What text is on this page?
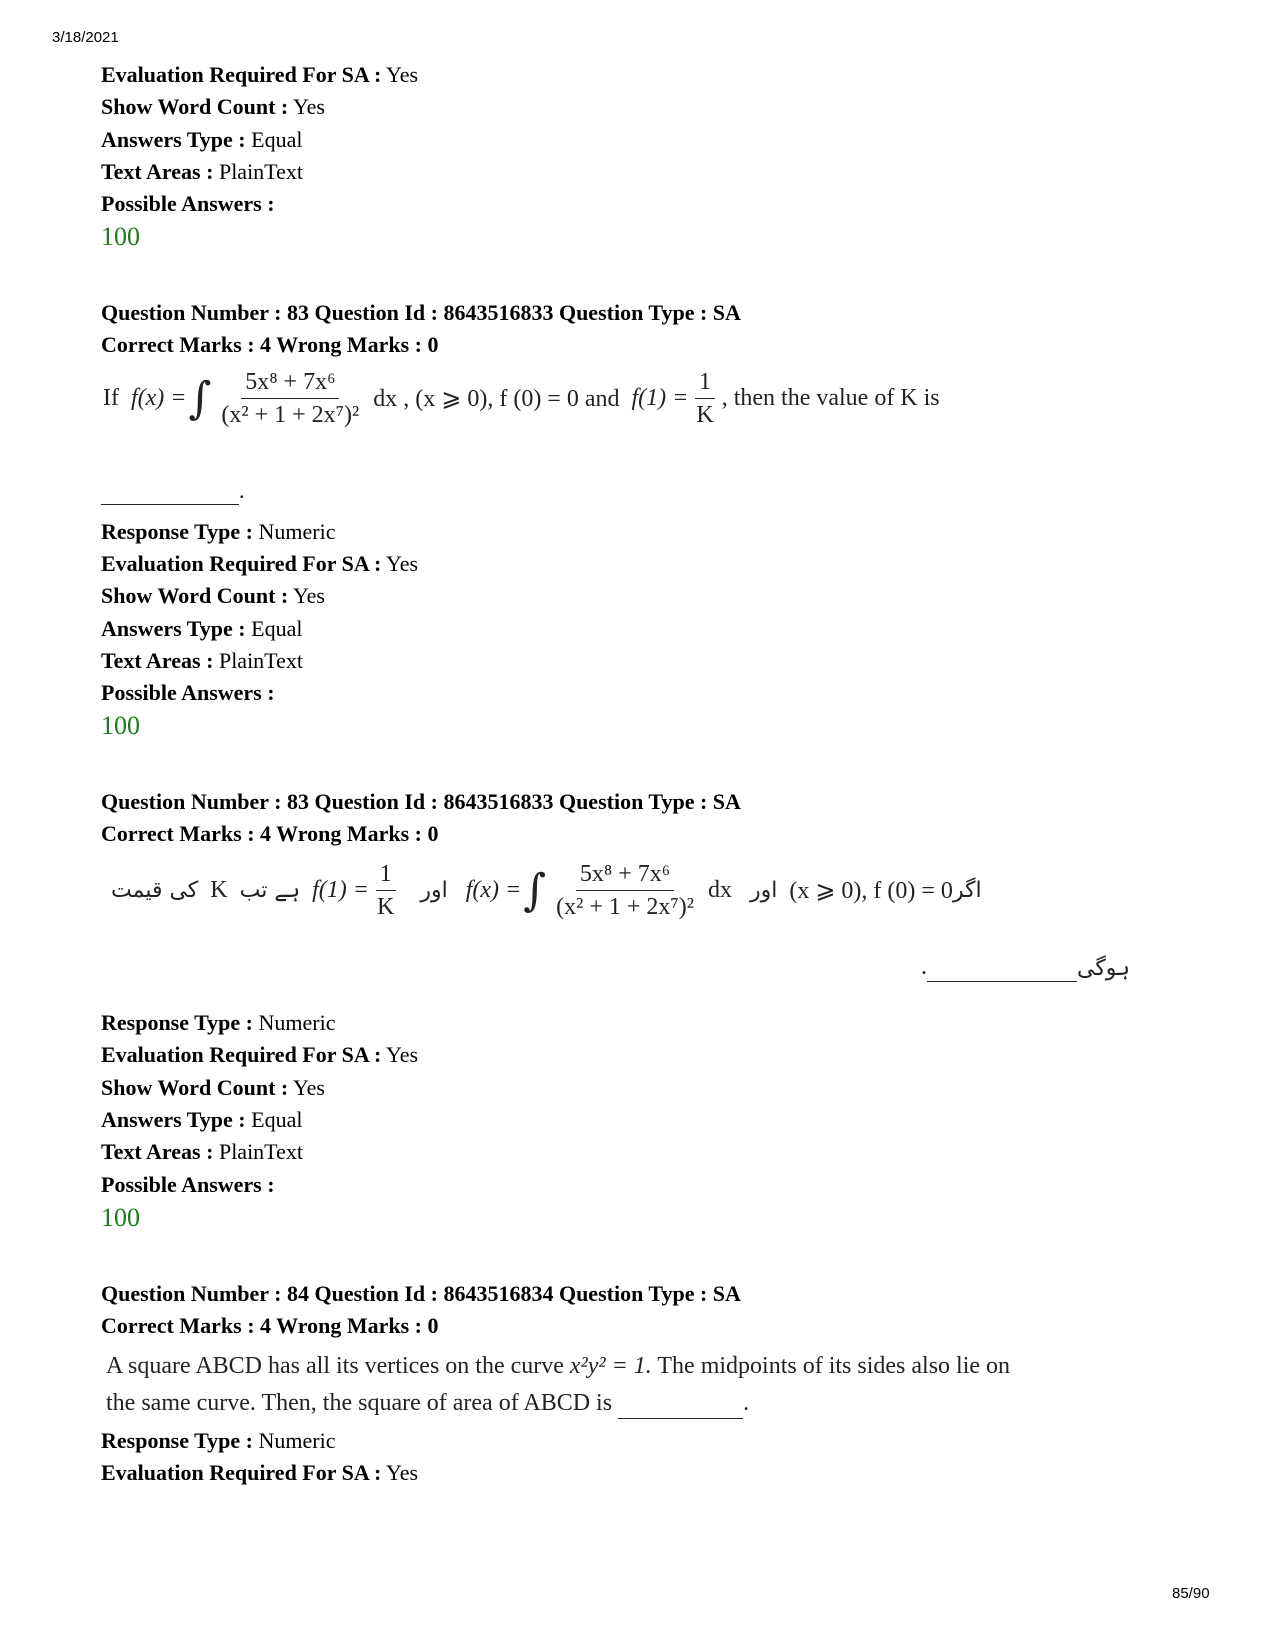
3/18/2021
Evaluation Required For SA : Yes
Show Word Count : Yes
Answers Type : Equal
Text Areas : PlainText
Possible Answers :
100
Question Number : 83 Question Id : 8643516833 Question Type : SA
Correct Marks : 4 Wrong Marks : 0
If
f(x) = ∫ $\frac{\text{5x⁸ + 7x⁶}}{\text{(x² + 1 + 2x⁷)²}}$
dx , (x ⩾ 0), f (0) = 0 and
$f(1) = \frac{1}{K}$ , then the value of K is
.
Response Type : Numeric
Evaluation Required For SA : Yes
Show Word Count : Yes
Answers Type : Equal
Text Areas : PlainText
Possible Answers :
100
Question Number : 83 Question Id : 8643516833 Question Type : SA
Correct Marks : 4 Wrong Marks : 0
کی قیمت
K
ہے تب
$f(1) = \frac{1}{K}$
اور
f(x) = ∫ $\frac{\text{5x⁸ + 7x⁶}}{\text{(x² + 1 + 2x⁷)²}}$
dx
اور
(x ⩾ 0), f (0) = 0 اگر
.	ہوگی
Response Type : Numeric
Evaluation Required For SA : Yes
Show Word Count : Yes
Answers Type : Equal
Text Areas : PlainText
Possible Answers :
100
Question Number : 84 Question Id : 8643516834 Question Type : SA
Correct Marks : 4 Wrong Marks : 0
A square ABCD has all its vertices on the curve x²y² = 1. The midpoints of its sides also lie on
the same curve. Then, the square of area of ABCD is	.
Response Type : Numeric
Evaluation Required For SA : Yes
85/90
